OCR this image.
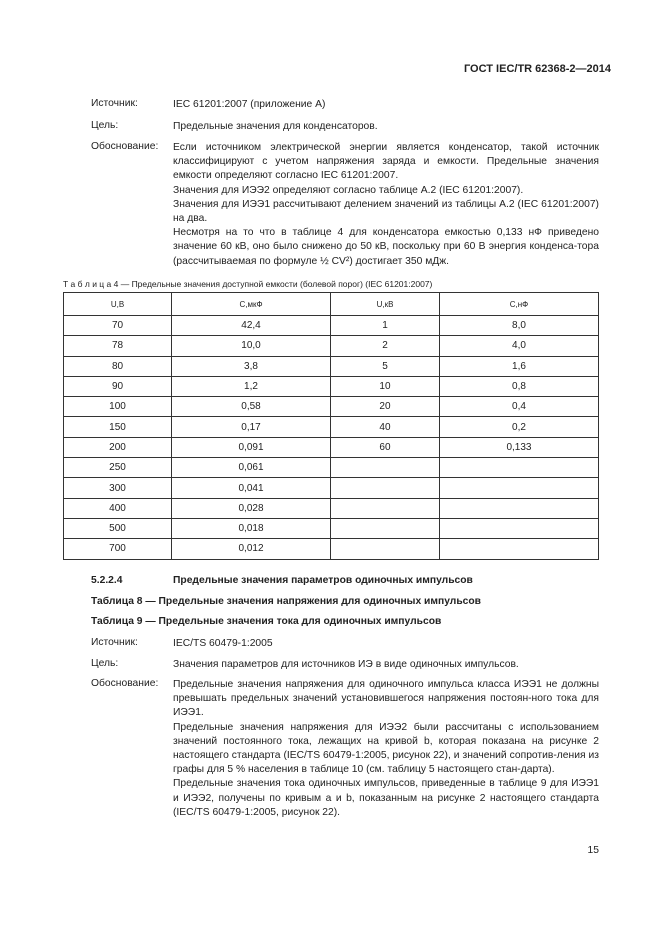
ГОСТ IEC/TR 62368-2—2014
Источник:	IEC 61201:2007 (приложение А)
Цель:	Предельные значения для конденсаторов.
Обоснование: Если источником электрической энергии является конденсатор, такой источник классифицируют с учетом напряжения заряда и емкости. Предельные значения емкости определяют согласно IEC 61201:2007.

Значения для ИЭЭ2 определяют согласно таблице А.2 (IEC 61201:2007).

Значения для ИЭЭ1 рассчитывают делением значений из таблицы А.2 (IEC 61201:2007) на два.

Несмотря на то что в таблице 4 для конденсатора емкостью 0,133 нФ приведено значение 60 кВ, оно было снижено до 50 кВ, поскольку при 60 В энергия конденса-тора (рассчитываемая по формуле ½ CV²) достигает 350 мДж.

Т а б л и ц а 4 — Предельные значения доступной емкости (болевой порог) (IEC 61201:2007)
U,В	C,мкФ	U,кВ	C,нФ
70	42,4	1	8,0
78	10,0	2	4,0
80	3,8	5	1,6
90	1,2	10	0,8
100	0,58	20	0,4
150	0,17	40	0,2
200	0,091	60	0,133
250	0,061		
300	0,041		
400	0,028		
500	0,018		
700	0,012		
5.2.2.4	Предельные значения параметров одиночных импульсов
Таблица 8 — Предельные значения напряжения для одиночных импульсов
Таблица 9 — Предельные значения тока для одиночных импульсов
Источник:	IEC/TS 60479-1:2005
Цель:	Значения параметров для источников ИЭ в виде одиночных импульсов.
Обоснование: Предельные значения напряжения для одиночного импульса класса ИЭЭ1 не должны превышать предельных значений установившегося напряжения постоян-ного тока для ИЭЭ1.

Предельные значения напряжения для ИЭЭ2 были рассчитаны с использованием значений постоянного тока, лежащих на кривой b, которая показана на рисунке 2 настоящего стандарта (IEC/TS 60479-1:2005, рисунок 22), и значений сопротив-ления из графы для 5 % населения в таблице 10 (см. таблицу 5 настоящего стан-дарта).

Предельные значения тока одиночных импульсов, приведенные в таблице 9 для ИЭЭ1 и ИЭЭ2, получены по кривым a и b, показанным на рисунке 2 настоящего стандарта (IEC/TS 60479-1:2005, рисунок 22).

15
